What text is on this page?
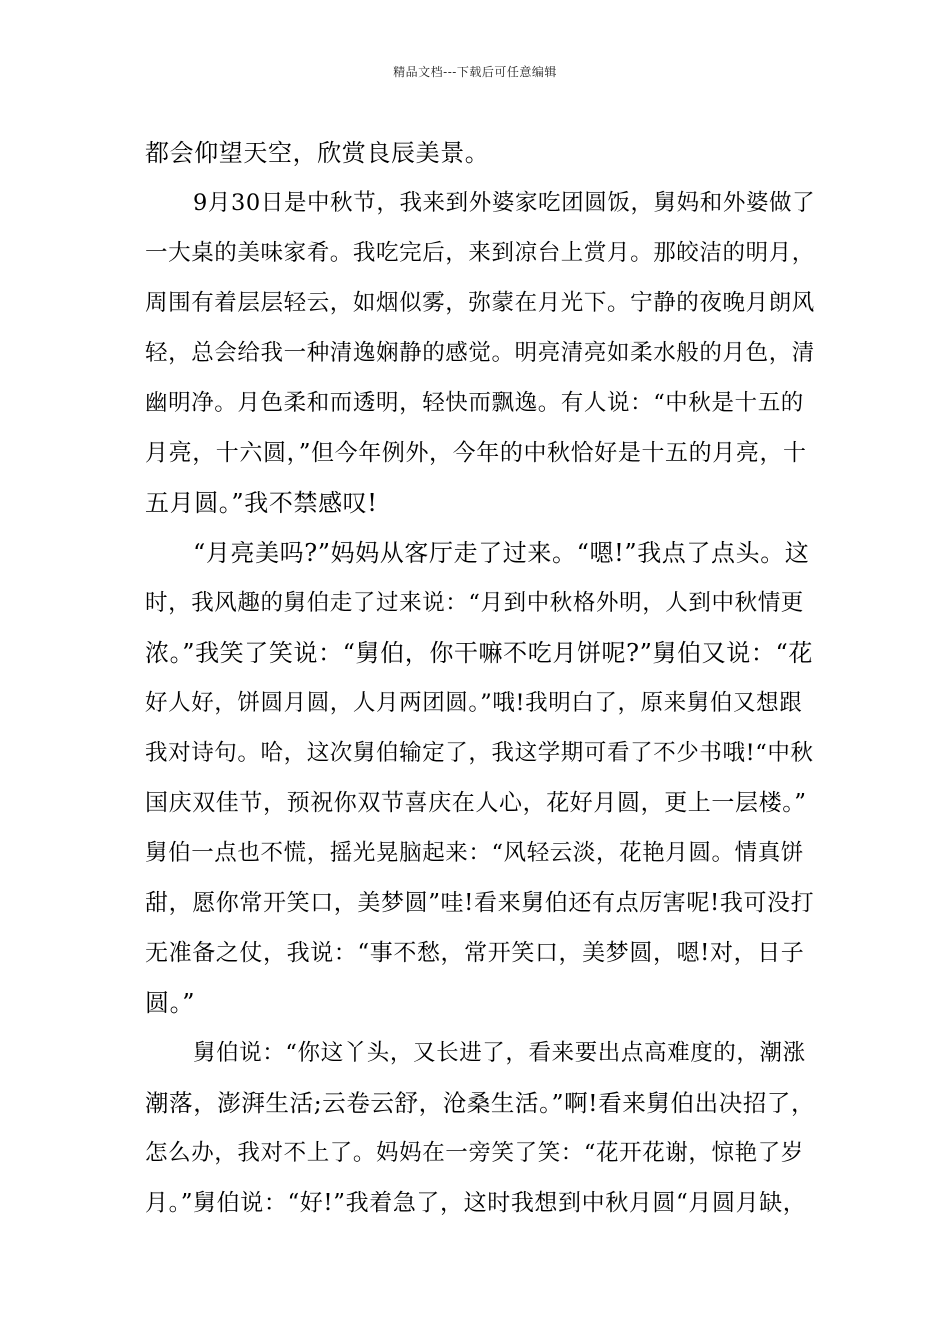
精品文档---下载后可任意编辑
都会仰望天空，欣赏良辰美景。
9月30日是中秋节，我来到外婆家吃团圆饭，舅妈和外婆做了
一大桌的美味家肴。我吃完后，来到凉台上赏月。那皎洁的明月，
周围有着层层轻云，如烟似雾，弥蒙在月光下。宁静的夜晚月朗风
轻，总会给我一种清逸娴静的感觉。明亮清亮如柔水般的月色，清
幽明净。月色柔和而透明，轻快而飘逸。有人说：“中秋是十五的
月亮，十六圆，”但今年例外，今年的中秋恰好是十五的月亮，十
五月圆。”我不禁感叹!
“月亮美吗?”妈妈从客厅走了过来。“嗯!”我点了点头。这
时，我风趣的舅伯走了过来说：“月到中秋格外明，人到中秋情更
浓。”我笑了笑说：“舅伯，你干嘛不吃月饼呢?”舅伯又说：“花
好人好，饼圆月圆，人月两团圆。”哦!我明白了，原来舅伯又想跟
我对诗句。哈，这次舅伯输定了，我这学期可看了不少书哦!“中秋
国庆双佳节，预祝你双节喜庆在人心，花好月圆，更上一层楼。”
舅伯一点也不慌，摇光晃脑起来：“风轻云淡，花艳月圆。情真饼
甜，愿你常开笑口，美梦圆”哇!看来舅伯还有点厉害呢!我可没打
无准备之仗，我说：“事不愁，常开笑口，美梦圆，嗯!对，日子
圆。”
舅伯说：“你这丫头，又长进了，看来要出点高难度的，潮涨
潮落，澎湃生活;云卷云舒，沧桑生活。”啊!看来舅伯出决招了，
怎么办，我对不上了。妈妈在一旁笑了笑：“花开花谢，惊艳了岁
月。”舅伯说：“好!”我着急了，这时我想到中秋月圆“月圆月缺，
